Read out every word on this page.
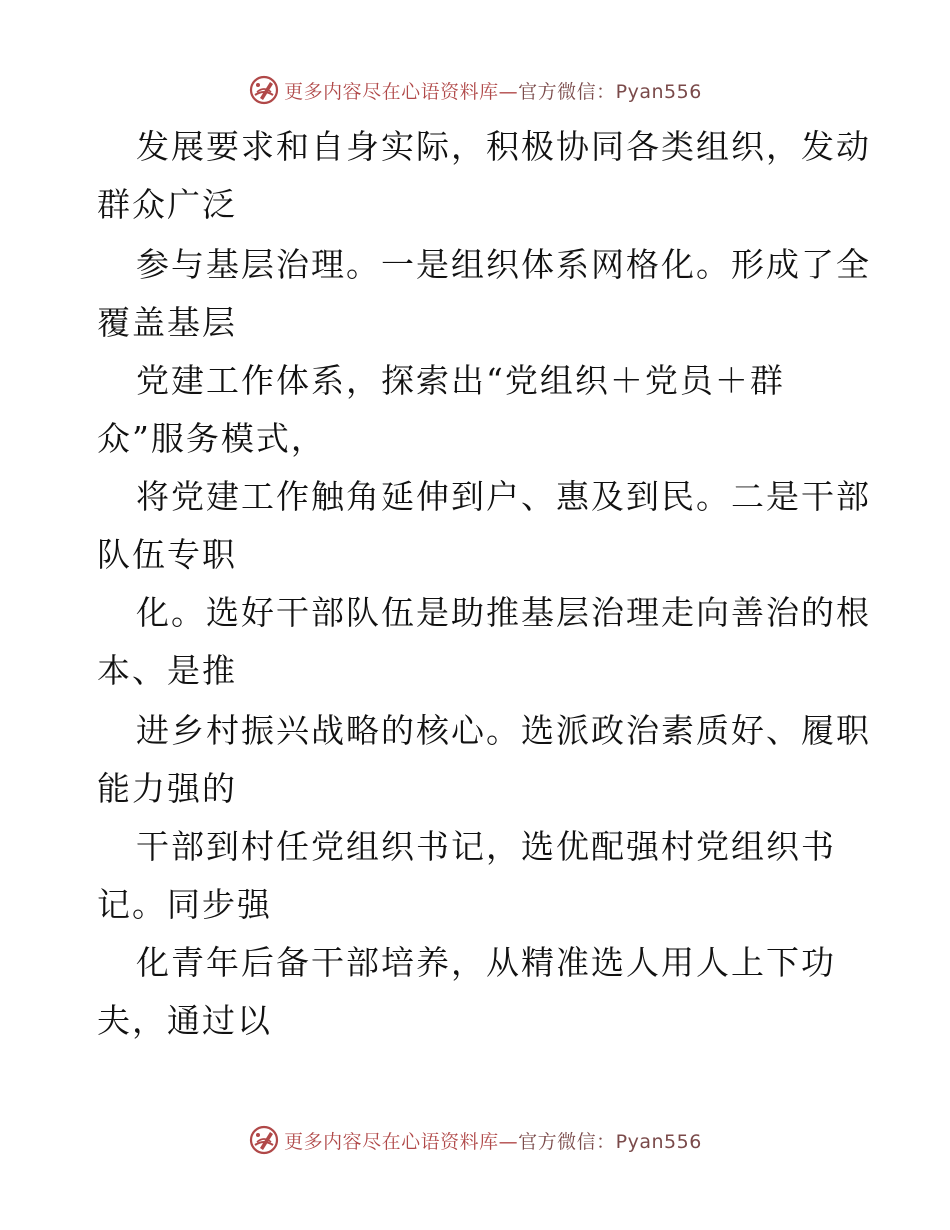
更多内容尽在心语资料库—官方微信：Pyan556
发展要求和自身实际，积极协同各类组织，发动
群众广泛
参与基层治理。一是组织体系网格化。形成了全
覆盖基层
党建工作体系，探索出“党组织＋党员＋群
众”服务模式，
将党建工作触角延伸到户、惠及到民。二是干部
队伍专职
化。选好干部队伍是助推基层治理走向善治的根
本、是推
进乡村振兴战略的核心。选派政治素质好、履职
能力强的
干部到村任党组织书记，选优配强村党组织书
记。同步强
化青年后备干部培养，从精准选人用人上下功
夫，通过以
更多内容尽在心语资料库—官方微信：Pyan556
